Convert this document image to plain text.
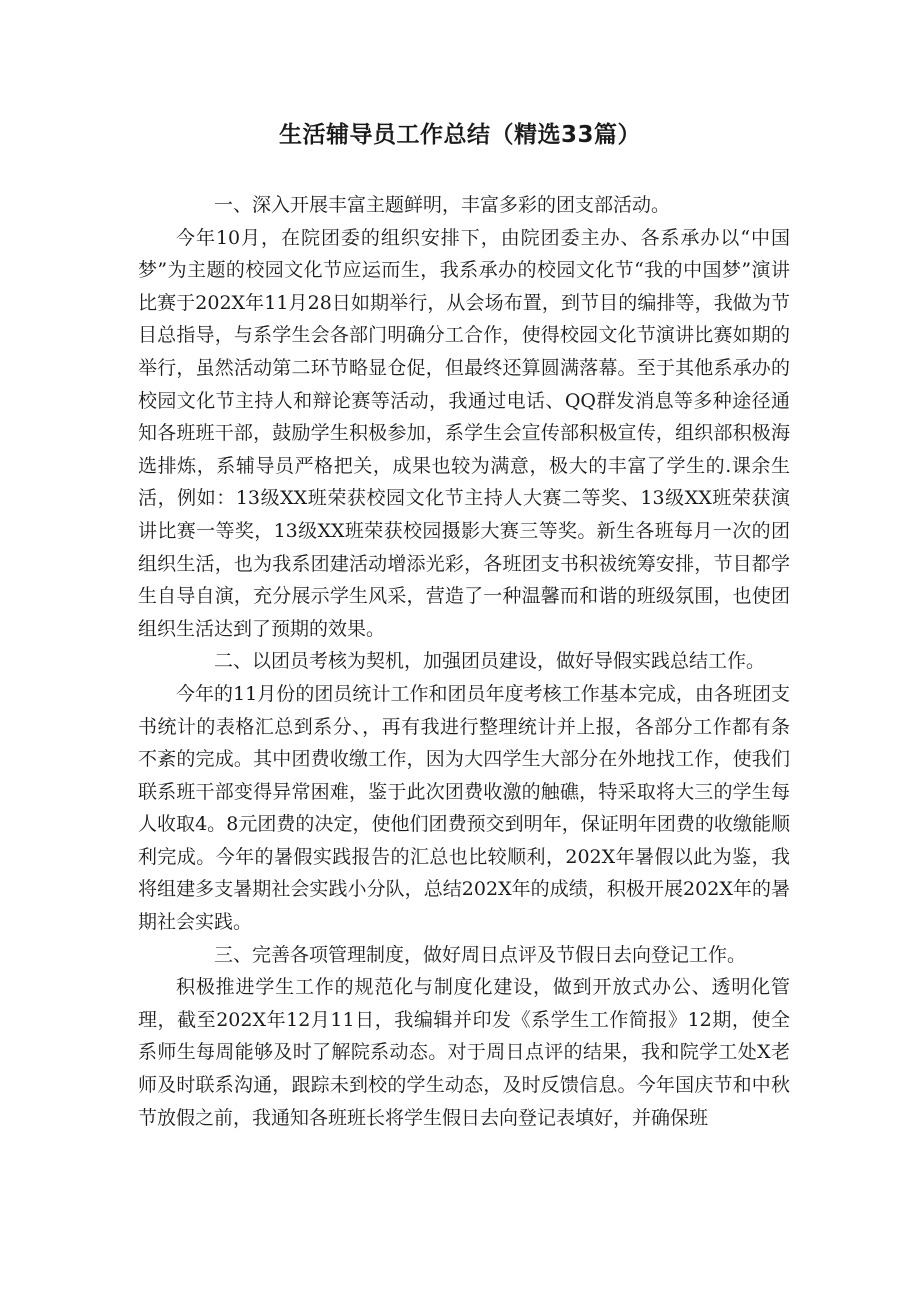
生活辅导员工作总结（精选33篇）

一、深入开展丰富主题鲜明，丰富多彩的团支部活动。

今年10月，在院团委的组织安排下，由院团委主办、各系承办以“中国梦”为主题的校园文化节应运而生，我系承办的校园文化节“我的中国梦”演讲比赛于202X年11月28日如期举行，从会场布置，到节目的编排等，我做为节目总指导，与系学生会各部门明确分工合作，使得校园文化节演讲比赛如期的举行，虽然活动第二环节略显仓促，但最终还算圆满落幕。至于其他系承办的校园文化节主持人和辩论赛等活动，我通过电话、QQ群发消息等多种途径通知各班班干部，鼓励学生积极参加，系学生会宣传部积极宣传，组织部积极海选排炼，系辅导员严格把关，成果也较为满意，极大的丰富了学生的.课余生活，例如：13级XX班荣获校园文化节主持人大赛二等奖、13级XX班荣获演讲比赛一等奖，13级XX班荣获校园摄影大赛三等奖。新生各班每月一次的团组织生活，也为我系团建活动增添光彩，各班团支书积祓统筹安排，节目都学生自导自演，充分展示学生风采，营造了一种温馨而和谐的班级氛围，也使团组织生活达到了预期的效果。

二、以团员考核为契机，加强团员建设，做好导假实践总结工作。

今年的11月份的团员统计工作和团员年度考核工作基本完成，由各班团支书统计的表格汇总到系分、，再有我进行整理统计并上报，各部分工作都有条不紊的完成。其中团费收缴工作，因为大四学生大部分在外地找工作，使我们联系班干部变得异常困难，鉴于此次团费收激的触礁，特采取将大三的学生每人收取4。8元团费的决定，使他们团费预交到明年，保证明年团费的收缴能顺利完成。今年的暑假实践报告的汇总也比较顺利，202X年暑假以此为鉴，我将组建多支暑期社会实践小分队，总结202X年的成绩，积极开展202X年的暑期社会实践。

三、完善各项管理制度，做好周日点评及节假日去向登记工作。

积极推进学生工作的规范化与制度化建设，做到开放式办公、透明化管理，截至202X年12月11日，我编辑并印发《系学生工作简报》12期，使全系师生每周能够及时了解院系动态。对于周日点评的结果，我和院学工处X老师及时联系沟通，跟踪未到校的学生动态，及时反馈信息。今年国庆节和中秋节放假之前，我通知各班班长将学生假日去向登记表填好，并确保班
